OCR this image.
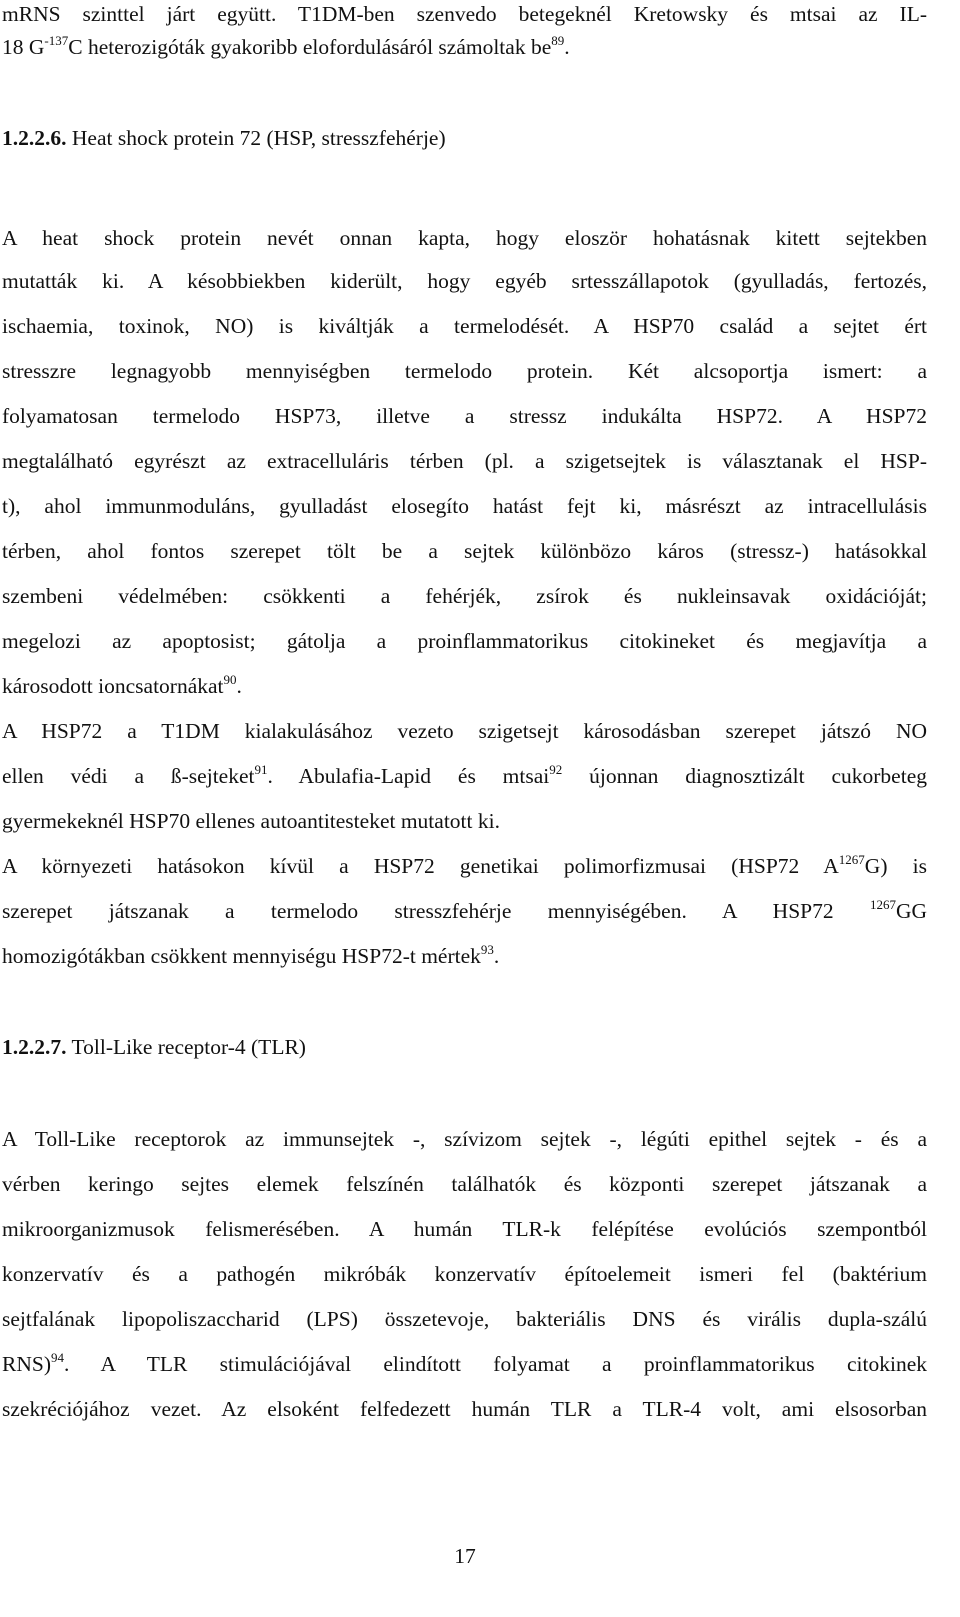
mRNS szinttel járt együtt. T1DM-ben szenvedo betegeknél Kretowsky és mtsai az IL-
18 $G^{-137}C$ heterozigóták gyakoribb elofordulásáról számoltak $be^{89}$.
1.2.2.6. Heat shock protein 72 (HSP, stresszfehérje)
A heat shock protein nevét onnan kapta, hogy eloször hohatásnak kitett sejtekben
mutatták ki. A késobbiekben kiderült, hogy egyéb srtesszállapotok (gyulladás, fertozés,
ischaemia, toxinok, NO) is kiváltják a termelodését. A HSP70 család a sejtet ért
stresszre legnagyobb mennyiségben termelodo protein. Két alcsoportja ismert: a
folyamatosan termelodo HSP73, illetve a stressz indukálta HSP72. A HSP72
megtalálható egyrészt az extracelluláris térben (pl. a szigetsejtek is választanak el HSP-
t), ahol immunmoduláns, gyulladást elosegíto hatást fejt ki, másrészt az intracellulásis
térben, ahol fontos szerepet tölt be a sejtek különbözo káros (stressz-) hatásokkal
szembeni védelmében: csökkenti a fehérjék, zsírok és nukleinsavak oxidációját;
megelozi az apoptosist; gátolja a proinflammatorikus citokineket és megjavítja a
károsodott ioncsatornákat$^{90}$.
A HSP72 a T1DM kialakulásához vezeto szigetsejt károsodásban szerepet játszó NO
ellen védi a ß-sejteket$^{91}$. Abulafia-Lapid és mtsai$^{92}$ újonnan diagnosztizált cukorbeteg
gyermekeknél HSP70 ellenes autoantitesteket mutatott ki.
A környezeti hatásokon kívül a HSP72 genetikai polimorfizmusai (HSP72 $A^{1267}G$) is
szerepet játszanak a termelodo stresszfehérje mennyiségében. A HSP72 $^{1267}$GG
homozigótákban csökkent mennyiségu HSP72-t mértek$^{93}$.
1.2.2.7. Toll-Like receptor-4 (TLR)
A Toll-Like receptorok az immunsejtek -, szívizom sejtek -, légúti epithel sejtek - és a
vérben keringo sejtes elemek felszínén találhatók és központi szerepet játszanak a
mikroorganizmusok felismerésében. A humán TLR-k felépítése evolúciós szempontból
konzervatív és a pathogén mikróbák konzervatív építoelemeit ismeri fel (baktérium
sejtfalának lipopoliszaccharid (LPS) összetevoje, bakteriális DNS és virális dupla-szálú
RNS)$^{94}$. A TLR stimulációjával elindított folyamat a proinflammatorikus citokinek
szekréciójához vezet. Az elsoként felfedezett humán TLR a TLR-4 volt, ami elsosorban
17
